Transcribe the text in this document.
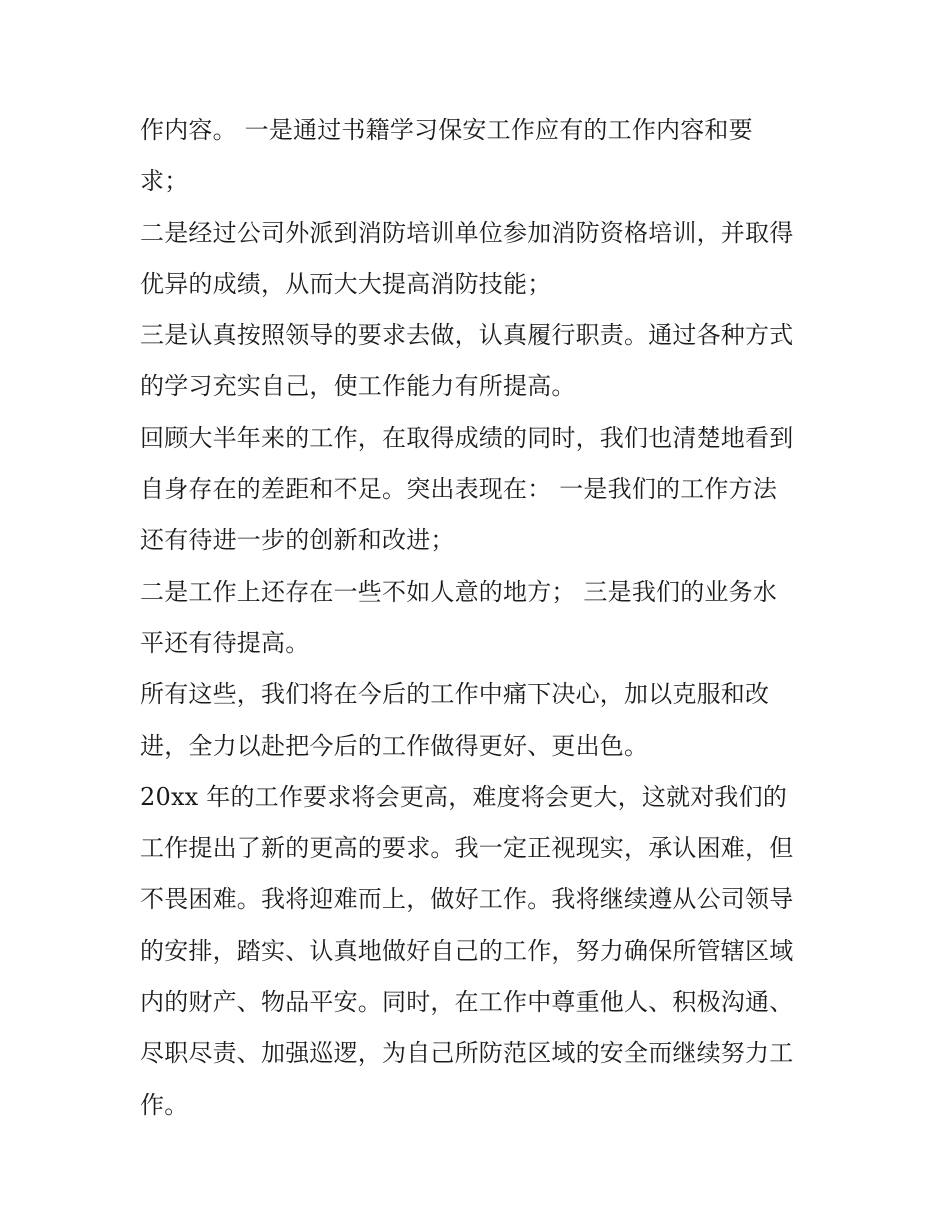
作内容。 一是通过书籍学习保安工作应有的工作内容和要
求；
二是经过公司外派到消防培训单位参加消防资格培训，并取得
优异的成绩，从而大大提高消防技能；
三是认真按照领导的要求去做，认真履行职责。通过各种方式
的学习充实自己，使工作能力有所提高。
回顾大半年来的工作，在取得成绩的同时，我们也清楚地看到
自身存在的差距和不足。突出表现在： 一是我们的工作方法
还有待进一步的创新和改进；
二是工作上还存在一些不如人意的地方； 三是我们的业务水
平还有待提高。
所有这些，我们将在今后的工作中痛下决心，加以克服和改
进，全力以赴把今后的工作做得更好、更出色。
20xx 年的工作要求将会更高，难度将会更大，这就对我们的
工作提出了新的更高的要求。我一定正视现实，承认困难，但
不畏困难。我将迎难而上，做好工作。我将继续遵从公司领导
的安排，踏实、认真地做好自己的工作，努力确保所管辖区域
内的财产、物品平安。同时，在工作中尊重他人、积极沟通、
尽职尽责、加强巡逻，为自己所防范区域的安全而继续努力工
作。
